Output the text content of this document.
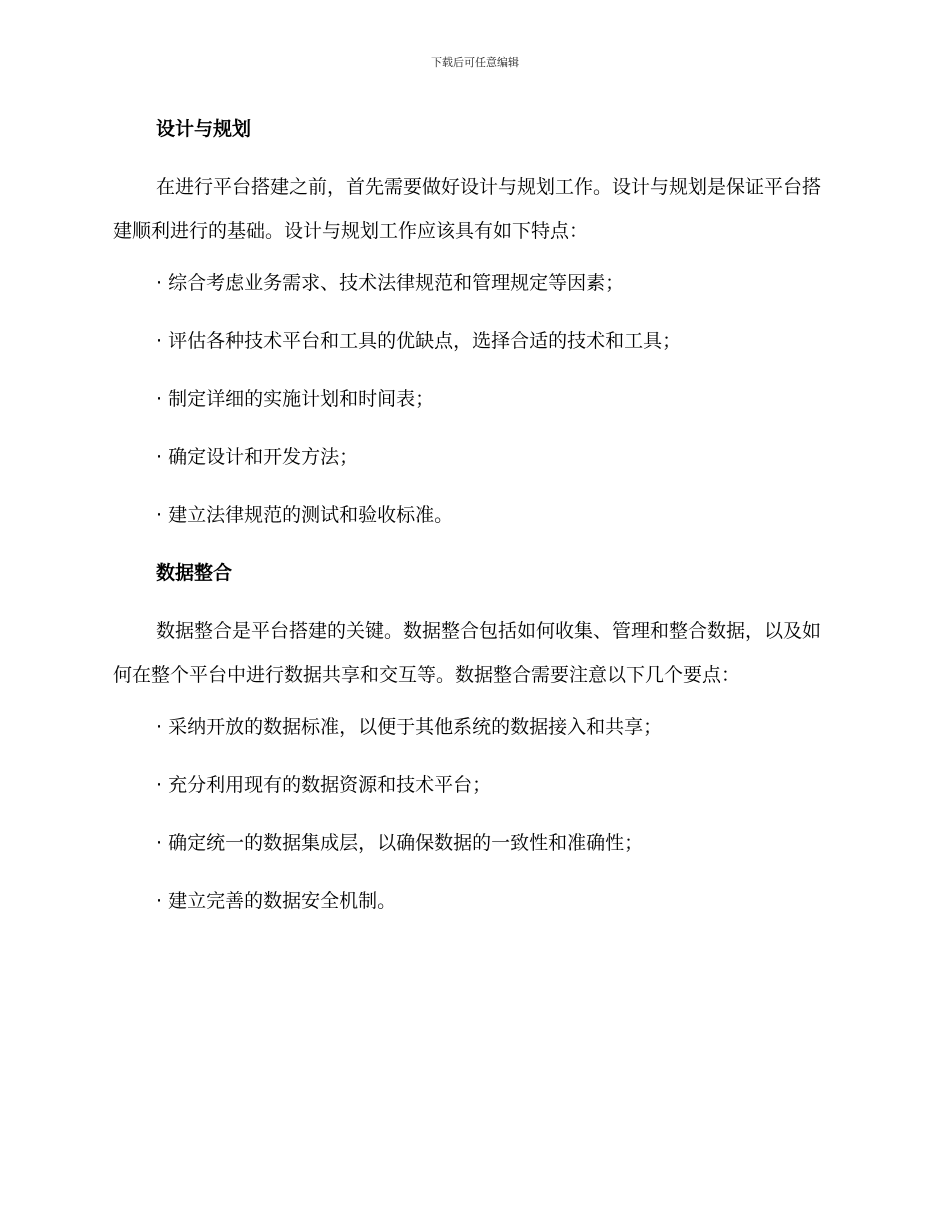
下载后可任意编辑
设计与规划

在进行平台搭建之前，首先需要做好设计与规划工作。设计与规划是保证平台搭建顺利进行的基础。设计与规划工作应该具有如下特点：

· 综合考虑业务需求、技术法律规范和管理规定等因素；

· 评估各种技术平台和工具的优缺点，选择合适的技术和工具；

· 制定详细的实施计划和时间表；

· 确定设计和开发方法；

· 建立法律规范的测试和验收标准。

数据整合

数据整合是平台搭建的关键。数据整合包括如何收集、管理和整合数据，以及如何在整个平台中进行数据共享和交互等。数据整合需要注意以下几个要点：

· 采纳开放的数据标准，以便于其他系统的数据接入和共享；

· 充分利用现有的数据资源和技术平台；

· 确定统一的数据集成层，以确保数据的一致性和准确性；

· 建立完善的数据安全机制。
